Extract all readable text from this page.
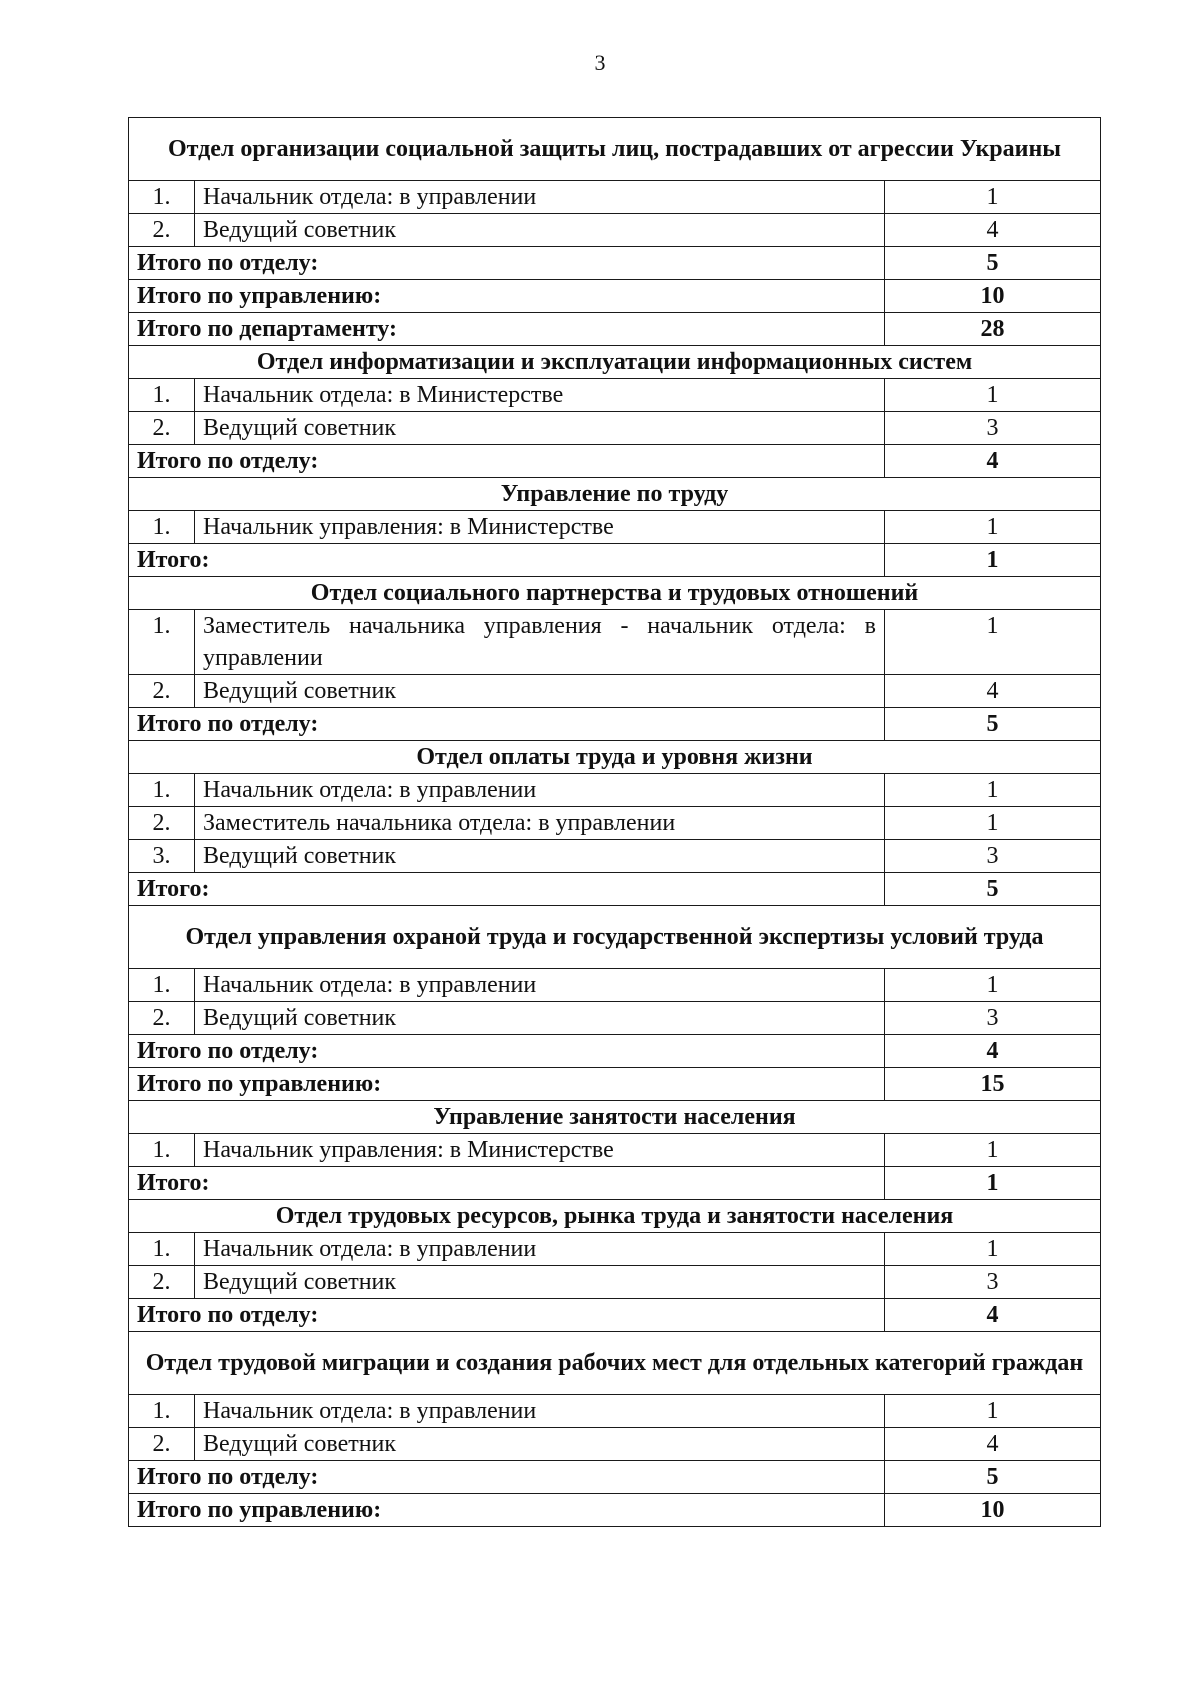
3
Отдел организации социальной защиты лиц, пострадавших от агрессии Украины		
1.	Начальник отдела: в управлении	1
2.	Ведущий советник	4
Итого по отделу:		5
Итого по управлению:		10
Итого по департаменту:		28
Отдел информатизации и эксплуатации информационных систем		
1.	Начальник отдела: в Министерстве	1
2.	Ведущий советник	3
Итого по отделу:		4
Управление по труду		
1.	Начальник управления: в Министерстве	1
Итого:		1
Отдел социального партнерства и трудовых отношений		
1.	Заместитель начальника управления - начальник отдела: в управлении	1
2.	Ведущий советник	4
Итого по отделу:		5
Отдел оплаты труда и уровня жизни		
1.	Начальник отдела: в управлении	1
2.	Заместитель начальника отдела: в управлении	1
3.	Ведущий советник	3
Итого:		5
Отдел управления охраной труда и государственной экспертизы условий труда		
1.	Начальник отдела: в управлении	1
2.	Ведущий советник	3
Итого по отделу:		4
Итого по управлению:		15
Управление занятости населения		
1.	Начальник управления: в Министерстве	1
Итого:		1
Отдел трудовых ресурсов, рынка труда и занятости населения		
1.	Начальник отдела: в управлении	1
2.	Ведущий советник	3
Итого по отделу:		4
Отдел трудовой миграции и создания рабочих мест для отдельных категорий граждан		
1.	Начальник отдела: в управлении	1
2.	Ведущий советник	4
Итого по отделу:		5
Итого по управлению:		10
